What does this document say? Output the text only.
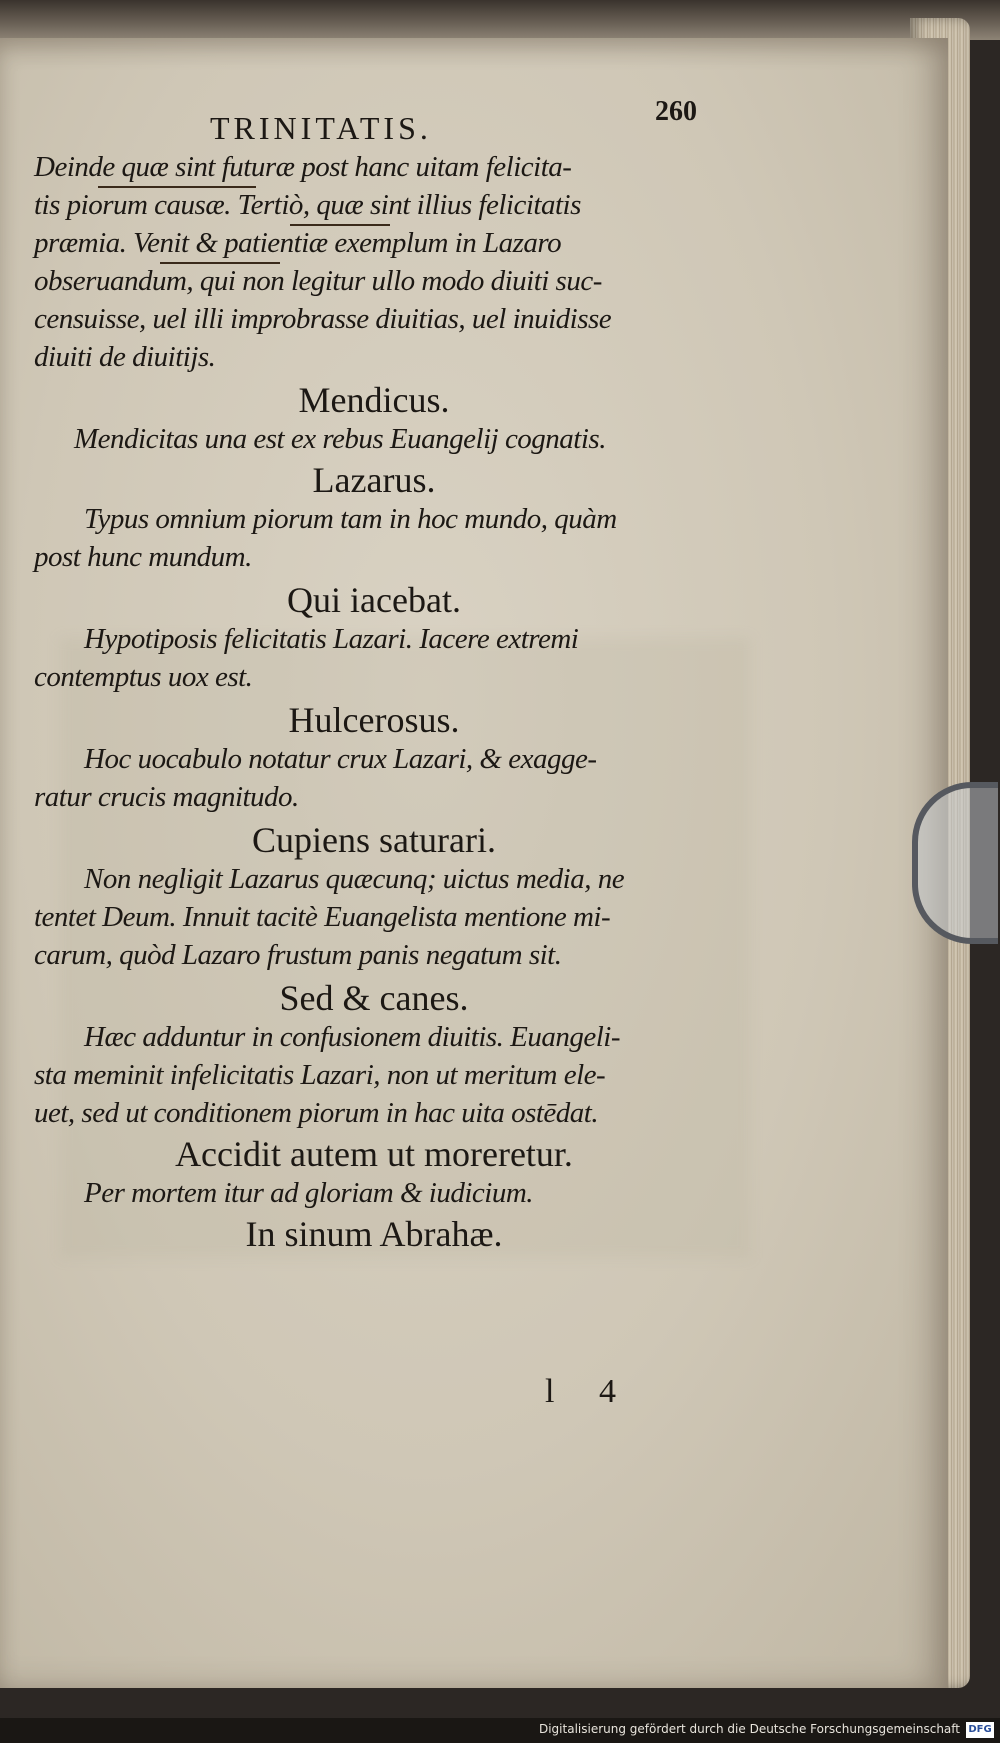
TRINITATIS.	260
Deinde quæ sint futuræ post hanc uitam felicita-
tis piorum causæ. Tertiò, quæ sint illius felicitatis
præmia. Venit & patientiæ exemplum in Lazaro
obseruandum, qui non legitur ullo modo diuiti suc-
censuisse, uel illi improbrasse diuitias, uel inuidisse
diuiti de diuitijs.
Mendicus.
Mendicitas una est ex rebus Euangelij cognatis.
Lazarus.
Typus omnium piorum tam in hoc mundo, quàm
post hunc mundum.
Qui iacebat.
Hypotiposis felicitatis Lazari. Iacere extremi
contemptus uox est.
Hulcerosus.
Hoc uocabulo notatur crux Lazari, & exagge-
ratur crucis magnitudo.
Cupiens saturari.
Non negligit Lazarus quæcunq; uictus media, ne
tentet Deum. Innuit tacitè Euangelista mentione mi-
carum, quòd Lazaro frustum panis negatum sit.
Sed & canes.
Hæc adduntur in confusionem diuitis. Euangeli-
sta meminit infelicitatis Lazari, non ut meritum ele-
uet, sed ut conditionem piorum in hac uita ostēdat.
Accidit autem ut moreretur.
Per mortem itur ad gloriam & iudicium.
In sinum Abrahæ.
l 4
Digitalisierung gefördert durch die Deutsche Forschungsgemeinschaft DFG
